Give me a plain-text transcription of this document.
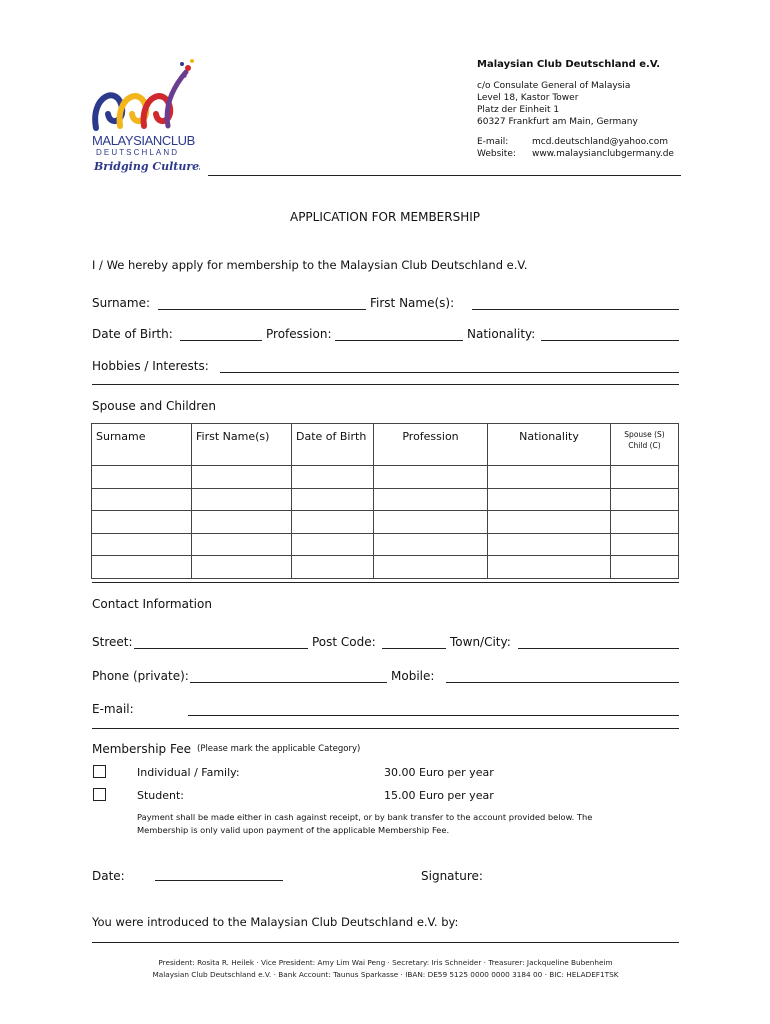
MALAYSIANCLUB
DEUTSCHLAND
Bridging Cultures
Malaysian Club Deutschland e.V.
c/o Consulate General of Malaysia
Level 18, Kastor Tower
Platz der Einheit 1
60327 Frankfurt am Main, Germany
E-mail:	mcd.deutschland@yahoo.com
Website: www.malaysianclubgermany.de
APPLICATION FOR MEMBERSHIP
I / We hereby apply for membership to the Malaysian Club Deutschland e.V.
Surname:	First Name(s):
Date of Birth:	Profession:	Nationality:
Hobbies / Interests:
Spouse and Children
Surname	First Name(s)	Date of Birth	Profession	Nationality	Spouse (S)
Child (C)

Contact Information
Street:	Post Code:	Town/City:
Phone (private):	Mobile:
E-mail:
Membership Fee (Please mark the applicable Category)
Individual / Family:	30.00 Euro per year
Student:	15.00 Euro per year
Payment shall be made either in cash against receipt, or by bank transfer to the account provided below. The
Membership is only valid upon payment of the applicable Membership Fee.
Date:	Signature:
You were introduced to the Malaysian Club Deutschland e.V. by:
President: Rosita R. Heilek · Vice President: Amy Lim Wai Peng · Secretary: Iris Schneider · Treasurer: Jackqueline Bubenheim
Malaysian Club Deutschland e.V. · Bank Account: Taunus Sparkasse · IBAN: DE59 5125 0000 0000 3184 00 · BIC: HELADEF1TSK
